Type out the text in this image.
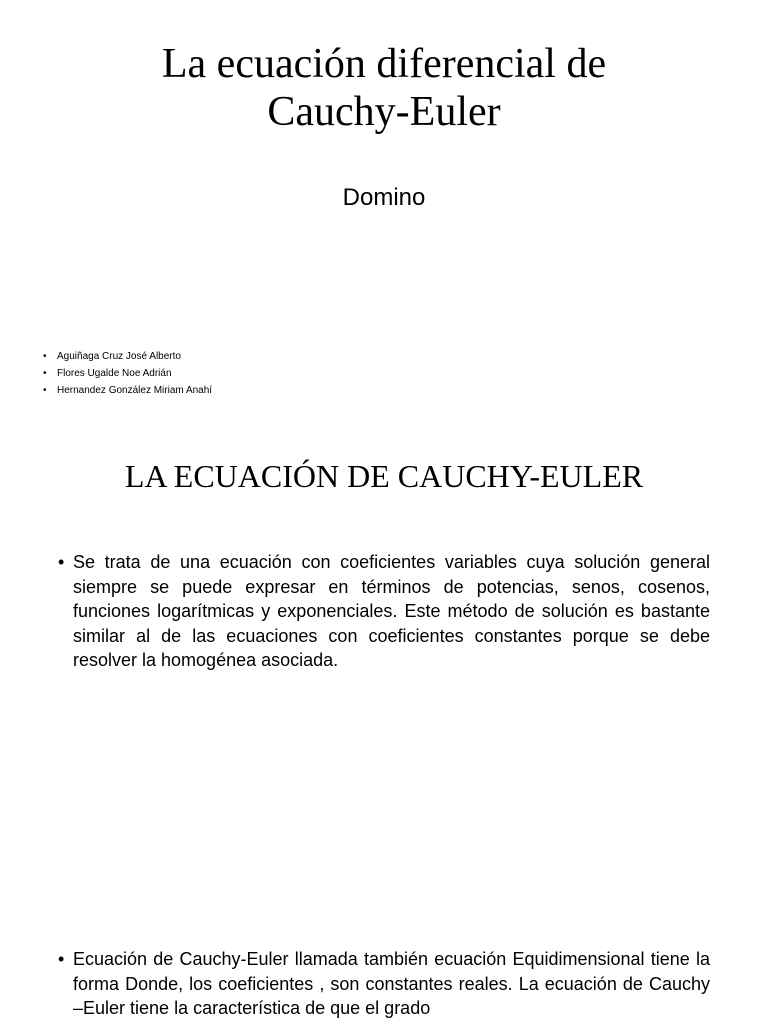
La ecuación diferencial de
Cauchy-Euler
Domino
• Aguiñaga Cruz José Alberto
• Flores Ugalde Noe Adrián
• Hernandez González Miriam Anahí
LA ECUACIÓN DE CAUCHY-EULER
• Se trata de una ecuación con coeficientes variables cuya solución general siempre se puede expresar en términos de potencias, senos, cosenos, funciones logarítmicas y exponenciales. Este método de solución es bastante similar al de las ecuaciones con coeficientes constantes porque se debe resolver la homogénea asociada.
• Ecuación de Cauchy-Euler llamada también ecuación Equidimensional tiene la forma Donde, los coeficientes , son constantes reales. La ecuación de Cauchy –Euler tiene la característica de que el grado
